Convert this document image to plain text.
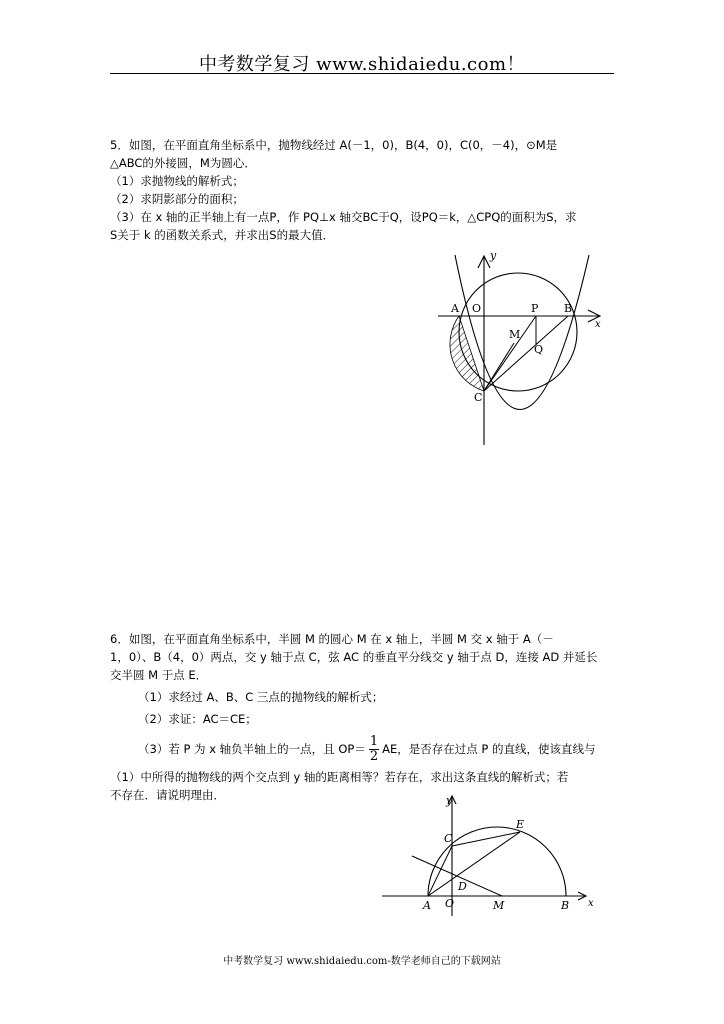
中考数学复习 www.shidaiedu.com！

5．如图，在平面直角坐标系中，抛物线经过 A(－1，0)，B(4，0)，C(0，－4)，⊙M是

△ABC的外接圆，M为圆心．

（1）求抛物线的解析式；

（2）求阴影部分的面积；

（3）在 x 轴的正半轴上有一点P，作 PQ⊥x 轴交BC于Q，设PQ＝k，△CPQ的面积为S，求

S关于 k 的函数关系式，并求出S的最大值．

y
x
A O	P B
M
Q
C

6．如图，在平面直角坐标系中，半圆 M 的圆心 M 在 x 轴上，半圆 M 交 x 轴于 A（－

1，0）、B（4，0）两点，交 y 轴于点 C，弦 AC 的垂直平分线交 y 轴于点 D，连接 AD 并延长

交半圆 M 于点 E．

（1）求经过 A、B、C 三点的抛物线的解析式；

（2）求证：AC＝CE；

（3）若 P 为 x 轴负半轴上的一点，且 $OP= \frac{1}{2}$ AE，是否存在过点 P 的直线，使该直线与

（1）中所得的抛物线的两个交点到 y 轴的距离相等？若存在，求出这条直线的解析式；若

不存在．请说明理由．	y
x
C
E
D
A O	M	B
中考数学复习 www.shidaiedu.com-数学老师自己的下载网站
